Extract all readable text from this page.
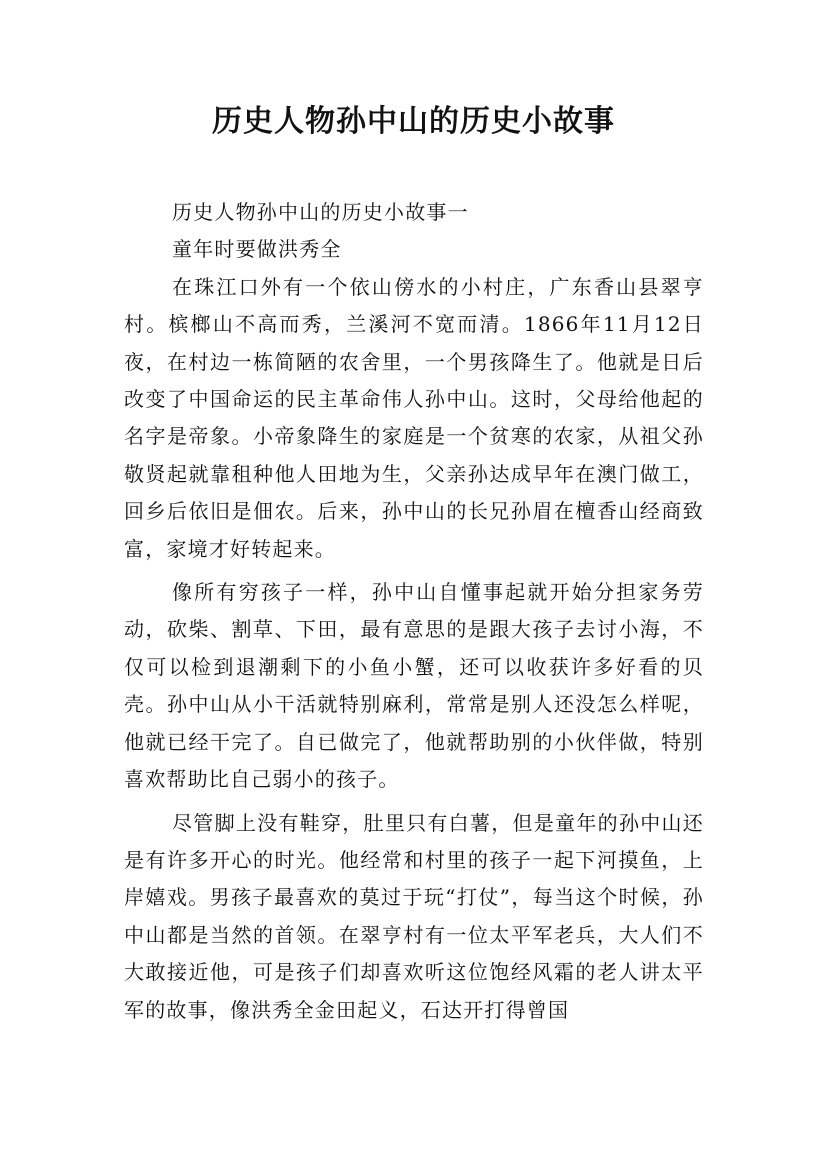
历史人物孙中山的历史小故事

历史人物孙中山的历史小故事一

童年时要做洪秀全

在珠江口外有一个依山傍水的小村庄，广东香山县翠亨村。槟榔山不高而秀，兰溪河不宽而清。1866年11月12日夜，在村边一栋简陋的农舍里，一个男孩降生了。他就是日后改变了中国命运的民主革命伟人孙中山。这时，父母给他起的名字是帝象。小帝象降生的家庭是一个贫寒的农家，从祖父孙敬贤起就靠租种他人田地为生，父亲孙达成早年在澳门做工，回乡后依旧是佃农。后来，孙中山的长兄孙眉在檀香山经商致富，家境才好转起来。

像所有穷孩子一样，孙中山自懂事起就开始分担家务劳动，砍柴、割草、下田，最有意思的是跟大孩子去讨小海，不仅可以检到退潮剩下的小鱼小蟹，还可以收获许多好看的贝壳。孙中山从小干活就特别麻利，常常是别人还没怎么样呢，他就已经干完了。自已做完了，他就帮助别的小伙伴做，特别喜欢帮助比自己弱小的孩子。

尽管脚上没有鞋穿，肚里只有白薯，但是童年的孙中山还是有许多开心的时光。他经常和村里的孩子一起下河摸鱼，上岸嬉戏。男孩子最喜欢的莫过于玩“打仗”，每当这个时候，孙中山都是当然的首领。在翠亨村有一位太平军老兵，大人们不大敢接近他，可是孩子们却喜欢听这位饱经风霜的老人讲太平军的故事，像洪秀全金田起义，石达开打得曾国
